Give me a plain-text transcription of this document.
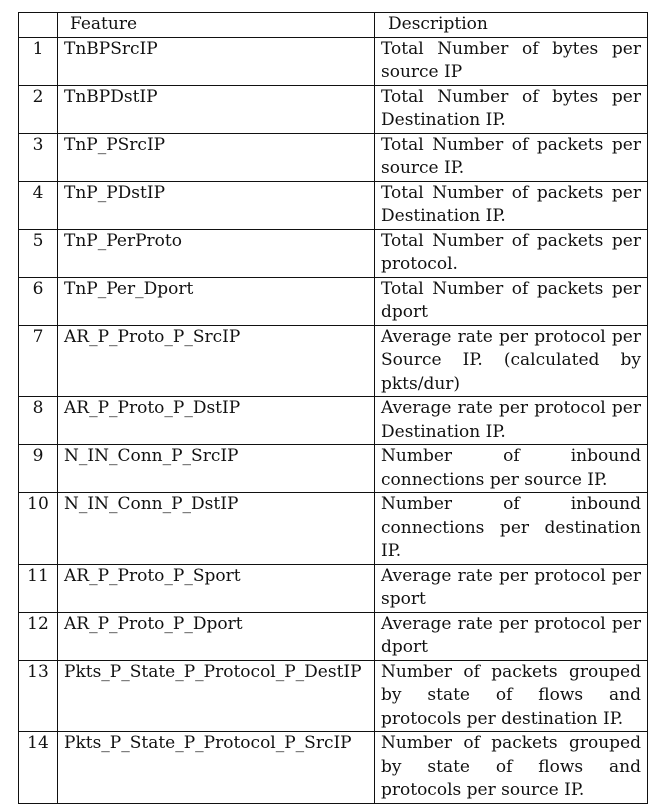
	Feature	Description
1	TnBPSrcIP	Total Number of bytes per source IP
2	TnBPDstIP	Total Number of bytes per Destination IP.
3	TnP_PSrcIP	Total Number of packets per source IP.
4	TnP_PDstIP	Total Number of packets per Destination IP.
5	TnP_PerProto	Total Number of packets per protocol.
6	TnP_Per_Dport	Total Number of packets per dport
7	AR_P_Proto_P_SrcIP	Average rate per protocol per Source IP. (calculated by pkts/dur)
8	AR_P_Proto_P_DstIP	Average rate per protocol per Destination IP.
9	N_IN_Conn_P_SrcIP	Number of inbound connections per source IP.
10	N_IN_Conn_P_DstIP	Number of inbound connections per destination IP.
11	AR_P_Proto_P_Sport	Average rate per protocol per sport
12	AR_P_Proto_P_Dport	Average rate per protocol per dport
13	Pkts_P_State_P_Protocol_P_DestIP	Number of packets grouped by state of flows and protocols per destination IP.
14	Pkts_P_State_P_Protocol_P_SrcIP	Number of packets grouped by state of flows and protocols per source IP.
